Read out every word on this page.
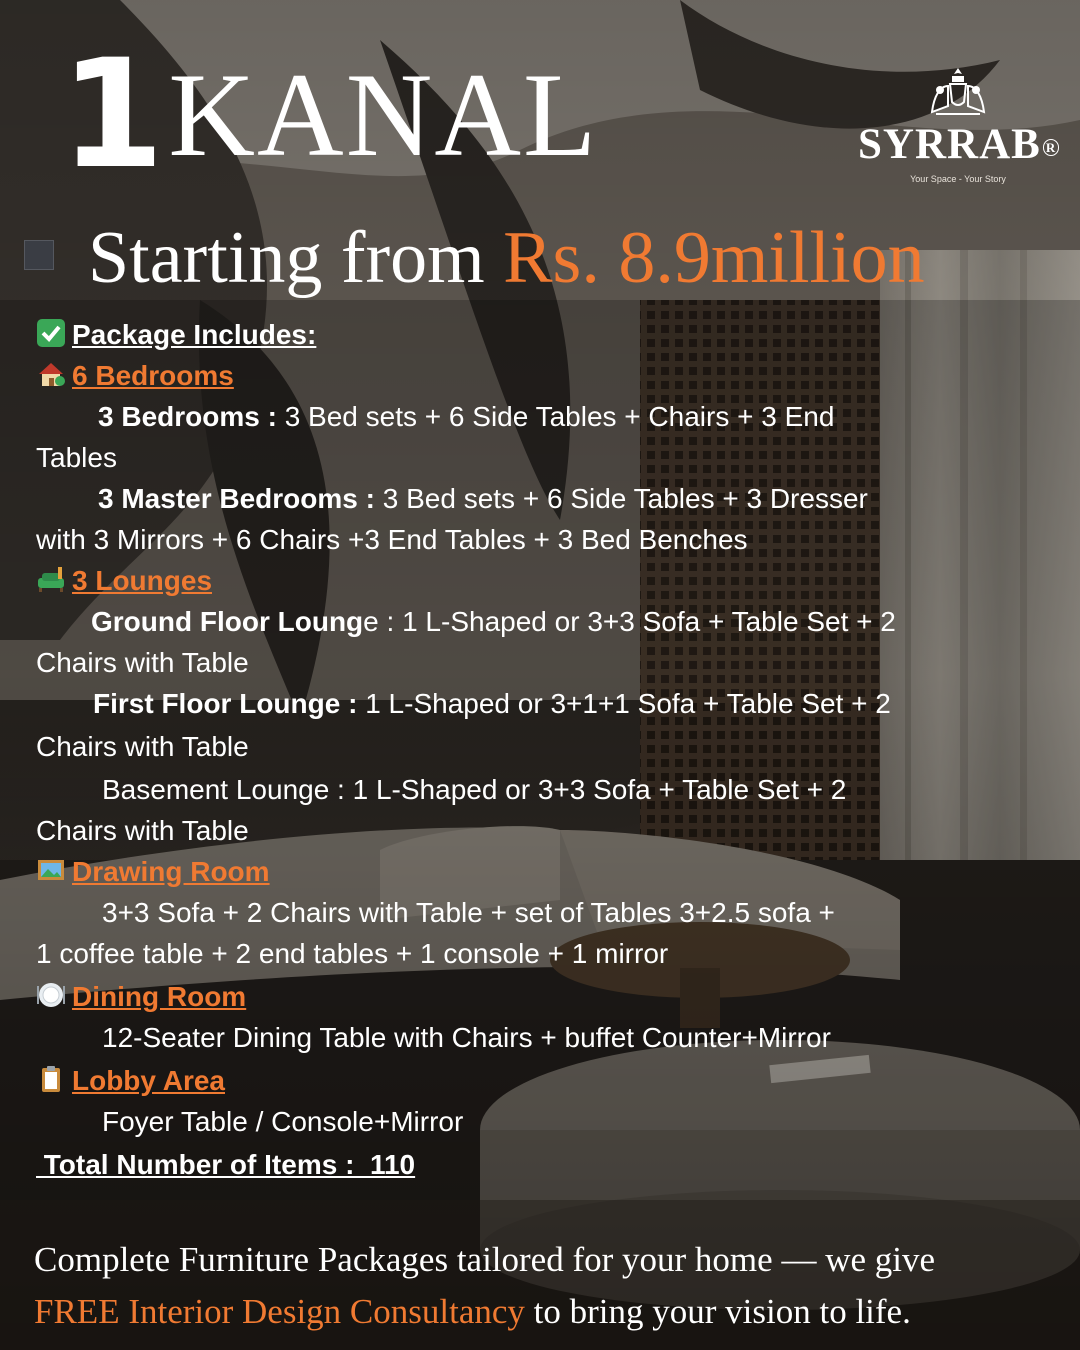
1KANAL	SYRRAB R
Your Space - Your Story
Starting from Rs. 8.9million
Package Includes:
6 Bedrooms
3 Bedrooms : 3 Bed sets + 6 Side Tables + Chairs + 3 End
Tables
3 Master Bedrooms : 3 Bed sets + 6 Side Tables + 3 Dresser
with 3 Mirrors + 6 Chairs +3 End Tables + 3 Bed Benches
3 Lounges
Ground Floor Lounge : 1 L-Shaped or 3+3 Sofa + Table Set + 2
Chairs with Table
First Floor Lounge : 1 L-Shaped or 3+1+1 Sofa + Table Set + 2
Chairs with Table
Basement Lounge : 1 L-Shaped or 3+3 Sofa + Table Set + 2
Chairs with Table
Drawing Room
3+3 Sofa + 2 Chairs with Table + set of Tables 3+2.5 sofa +
1 coffee table + 2 end tables + 1 console + 1 mirror
Dining Room
12-Seater Dining Table with Chairs + buffet Counter+Mirror
Lobby Area
Foyer Table / Console+Mirror
Total Number of Items :  110
Complete Furniture Packages tailored for your home — we give
FREE Interior Design Consultancy to bring your vision to life.
